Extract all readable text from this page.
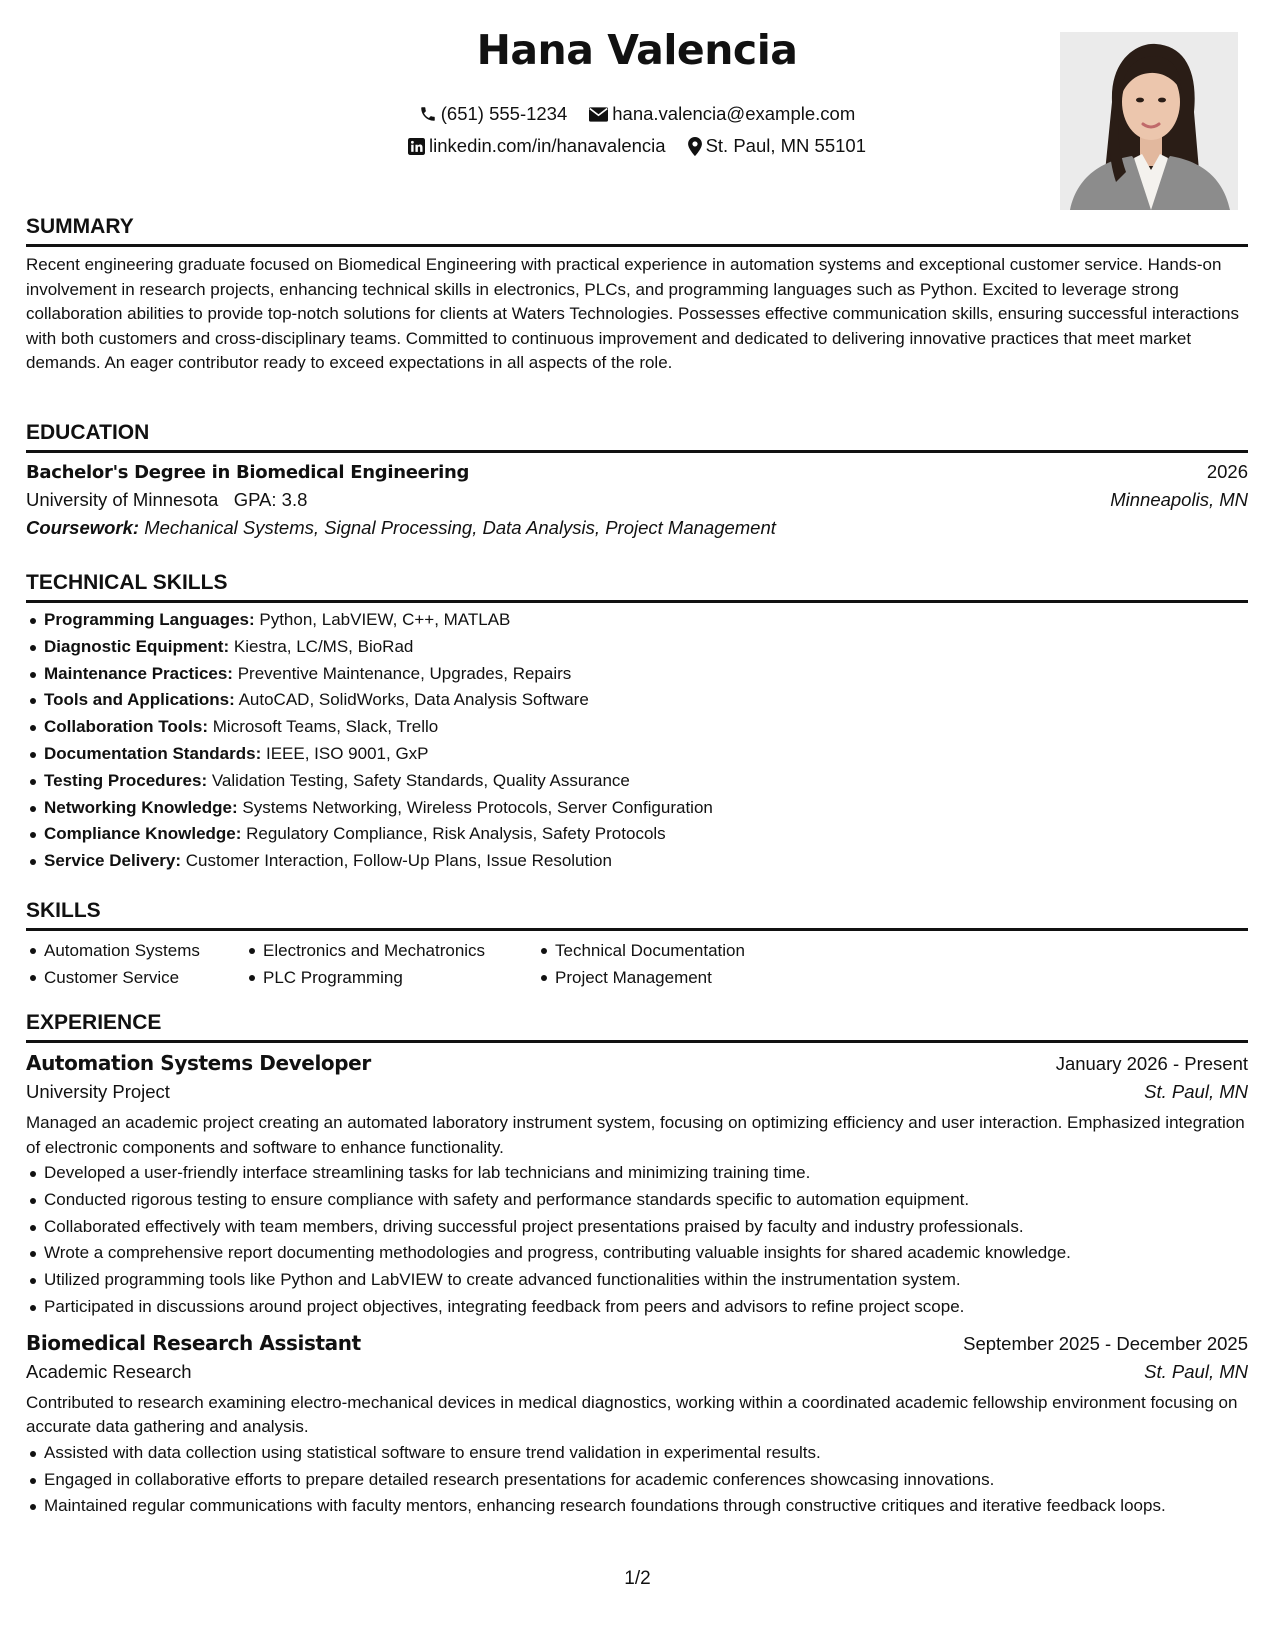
Hana Valencia
(651) 555-1234 hana.valencia@example.com
linkedin.com/in/hanavalencia St. Paul, MN 55101
SUMMARY

Recent engineering graduate focused on Biomedical Engineering with practical experience in automation systems and exceptional customer service. Hands-on involvement in research projects, enhancing technical skills in electronics, PLCs, and programming languages such as Python. Excited to leverage strong collaboration abilities to provide top-notch solutions for clients at Waters Technologies. Possesses effective communication skills, ensuring successful interactions with both customers and cross-disciplinary teams. Committed to continuous improvement and dedicated to delivering innovative practices that meet market demands. An eager contributor ready to exceed expectations in all aspects of the role.

EDUCATION
Bachelor's Degree in Biomedical Engineering	2026
University of Minnesota GPA: 3.8	Minneapolis, MN
Coursework: Mechanical Systems, Signal Processing, Data Analysis, Project Management
TECHNICAL SKILLS
Programming Languages: Python, LabVIEW, C++, MATLAB
Diagnostic Equipment: Kiestra, LC/MS, BioRad
Maintenance Practices: Preventive Maintenance, Upgrades, Repairs
Tools and Applications: AutoCAD, SolidWorks, Data Analysis Software
Collaboration Tools: Microsoft Teams, Slack, Trello
Documentation Standards: IEEE, ISO 9001, GxP
Testing Procedures: Validation Testing, Safety Standards, Quality Assurance
Networking Knowledge: Systems Networking, Wireless Protocols, Server Configuration
Compliance Knowledge: Regulatory Compliance, Risk Analysis, Safety Protocols
Service Delivery: Customer Interaction, Follow-Up Plans, Issue Resolution
SKILLS
Automation Systems
Customer Service
Electronics and Mechatronics
PLC Programming
Technical Documentation
Project Management
EXPERIENCE
Automation Systems Developer	January 2026 - Present
University Project	St. Paul, MN

Managed an academic project creating an automated laboratory instrument system, focusing on optimizing efficiency and user interaction. Emphasized integration of electronic components and software to enhance functionality.

Developed a user-friendly interface streamlining tasks for lab technicians and minimizing training time.
Conducted rigorous testing to ensure compliance with safety and performance standards specific to automation equipment.
Collaborated effectively with team members, driving successful project presentations praised by faculty and industry professionals.
Wrote a comprehensive report documenting methodologies and progress, contributing valuable insights for shared academic knowledge.
Utilized programming tools like Python and LabVIEW to create advanced functionalities within the instrumentation system.
Participated in discussions around project objectives, integrating feedback from peers and advisors to refine project scope.
Biomedical Research Assistant	September 2025 - December 2025
Academic Research	St. Paul, MN

Contributed to research examining electro-mechanical devices in medical diagnostics, working within a coordinated academic fellowship environment focusing on accurate data gathering and analysis.

Assisted with data collection using statistical software to ensure trend validation in experimental results.
Engaged in collaborative efforts to prepare detailed research presentations for academic conferences showcasing innovations.
Maintained regular communications with faculty mentors, enhancing research foundations through constructive critiques and iterative feedback loops.
1/2
